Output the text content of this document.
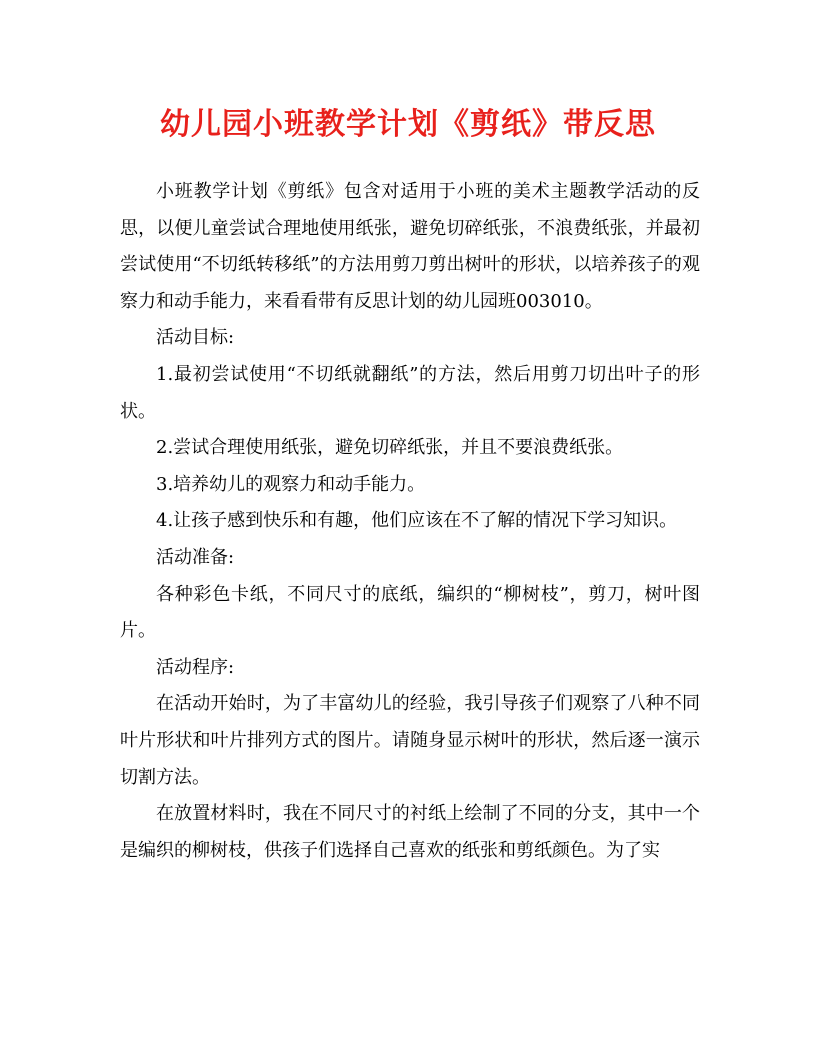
幼儿园小班教学计划《剪纸》带反思

小班教学计划《剪纸》包含对适用于小班的美术主题教学活动的反思，以便儿童尝试合理地使用纸张，避免切碎纸张，不浪费纸张，并最初尝试使用“不切纸转移纸”的方法用剪刀剪出树叶的形状，以培养孩子的观察力和动手能力，来看看带有反思计划的幼儿园班003010。

活动目标:

1.最初尝试使用“不切纸就翻纸”的方法，然后用剪刀切出叶子的形状。

2.尝试合理使用纸张，避免切碎纸张，并且不要浪费纸张。

3.培养幼儿的观察力和动手能力。

4.让孩子感到快乐和有趣，他们应该在不了解的情况下学习知识。

活动准备:

各种彩色卡纸，不同尺寸的底纸，编织的“柳树枝”，剪刀，树叶图片。

活动程序:

在活动开始时，为了丰富幼儿的经验，我引导孩子们观察了八种不同叶片形状和叶片排列方式的图片。请随身显示树叶的形状，然后逐一演示切割方法。

在放置材料时，我在不同尺寸的衬纸上绘制了不同的分支，其中一个是编织的柳树枝，供孩子们选择自己喜欢的纸张和剪纸颜色。为了实
